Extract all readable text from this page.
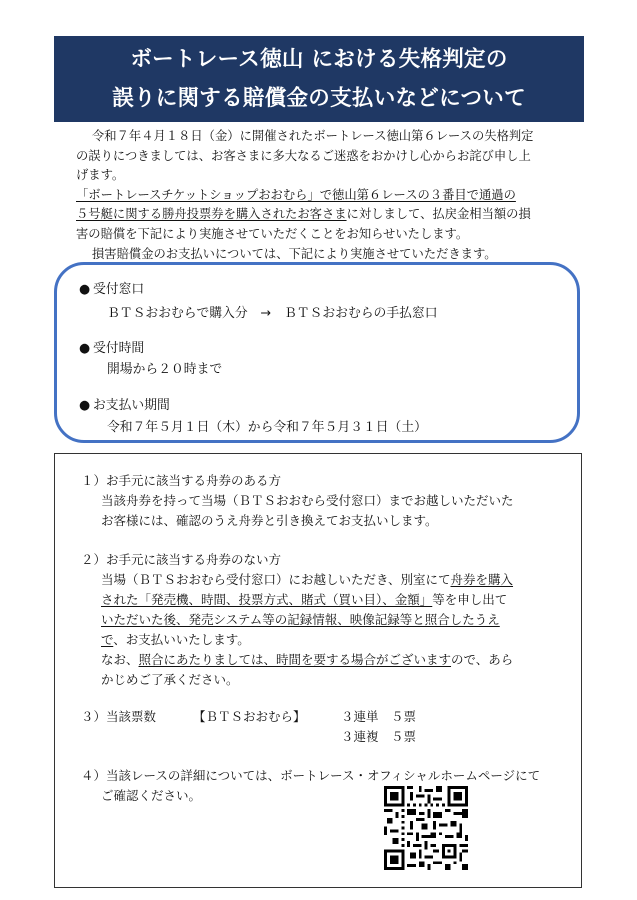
ボートレース徳山 における失格判定の
誤りに関する賠償金の支払いなどについて
令和７年４月１８日（金）に開催されたボートレース徳山第６レースの失格判定
の誤りにつきましては、お客さまに多大なるご迷惑をおかけし心からお詫び申し上
げます。
「ボートレースチケットショップおおむら」で徳山第６レースの３番目で通過の
５号艇に関する勝舟投票券を購入されたお客さまに対しまして、払戻金相当額の損
害の賠償を下記により実施させていただくことをお知らせいたします。
損害賠償金のお支払いについては、下記により実施させていただきます。
● 受付窓口
ＢＴＳおおむらで購入分　→　ＢＴＳおおむらの手払窓口
● 受付時間
開場から２０時まで
● お支払い期間
令和７年５月１日（木）から令和７年５月３１日（土）
１）お手元に該当する舟券のある方
当該舟券を持って当場（ＢＴＳおおむら受付窓口）までお越しいただいた
お客様には、確認のうえ舟券と引き換えてお支払いします。
２）お手元に該当する舟券のない方
当場（ＢＴＳおおむら受付窓口）にお越しいただき、別室にて舟券を購入
された「発売機、時間、投票方式、賭式（買い目）、金額」等を申し出て
いただいた後、発売システム等の記録情報、映像記録等と照合したうえ
で、お支払いいたします。
なお、照合にあたりましては、時間を要する場合がございますので、あら
かじめご了承ください。
３）当該票数	【ＢＴＳおおむら】	３連単　５票
３連複　５票
４）当該レースの詳細については、ボートレース・オフィシャルホームページにて
ご確認ください。
